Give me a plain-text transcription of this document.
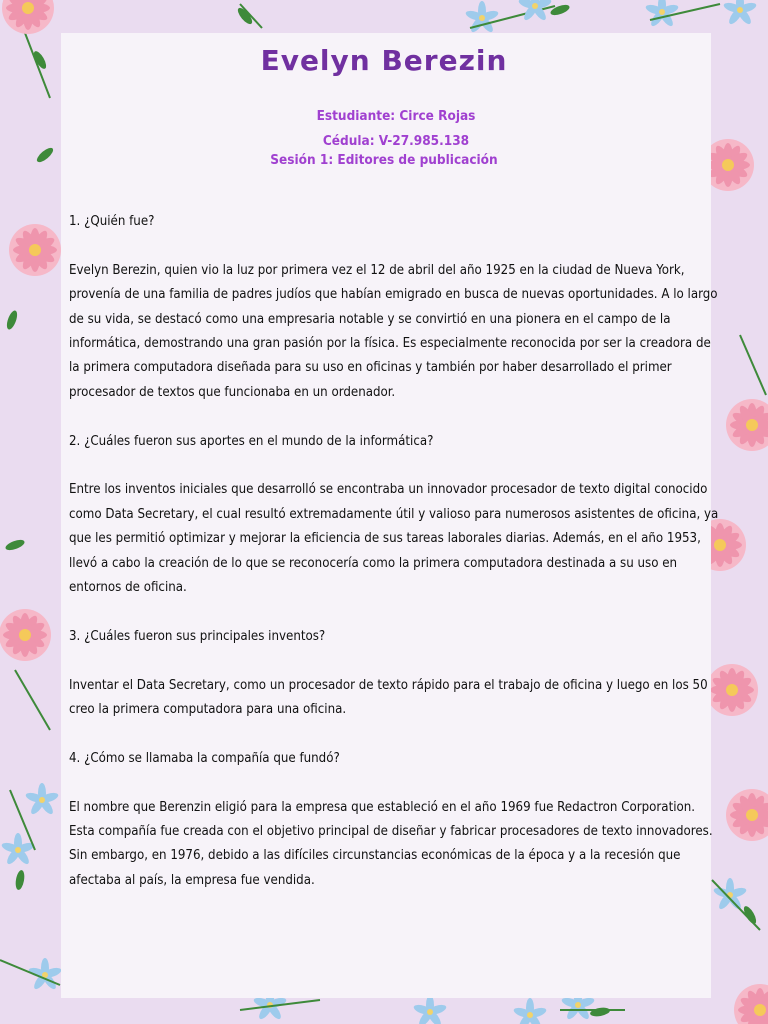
Evelyn Berezin
Estudiante: Circe Rojas
Cédula: V-27.985.138
Sesión 1: Editores de publicación

1. ¿Quién fue?

Evelyn Berezin, quien vio la luz por primera vez el 12 de abril del año 1925 en la ciudad de Nueva York, provenía de una familia de padres judíos que habían emigrado en busca de nuevas oportunidades. A lo largo de su vida, se destacó como una empresaria notable y se convirtió en una pionera en el campo de la informática, demostrando una gran pasión por la física. Es especialmente reconocida por ser la creadora de la primera computadora diseñada para su uso en oficinas y también por haber desarrollado el primer procesador de textos que funcionaba en un ordenador.

2. ¿Cuáles fueron sus aportes en el mundo de la informática?

Entre los inventos iniciales que desarrolló se encontraba un innovador procesador de texto digital conocido como Data Secretary, el cual resultó extremadamente útil y valioso para numerosos asistentes de oficina, ya que les permitió optimizar y mejorar la eficiencia de sus tareas laborales diarias. Además, en el año 1953, llevó a cabo la creación de lo que se reconocería como la primera computadora destinada a su uso en entornos de oficina.

3. ¿Cuáles fueron sus principales inventos?

Inventar el Data Secretary, como un procesador de texto rápido para el trabajo de oficina y luego en los 50 creo la primera computadora para una oficina.

4. ¿Cómo se llamaba la compañía que fundó?

El nombre que Berenzin eligió para la empresa que estableció en el año 1969 fue Redactron Corporation. Esta compañía fue creada con el objetivo principal de diseñar y fabricar procesadores de texto innovadores. Sin embargo, en 1976, debido a las difíciles circunstancias económicas de la época y a la recesión que afectaba al país, la empresa fue vendida.
